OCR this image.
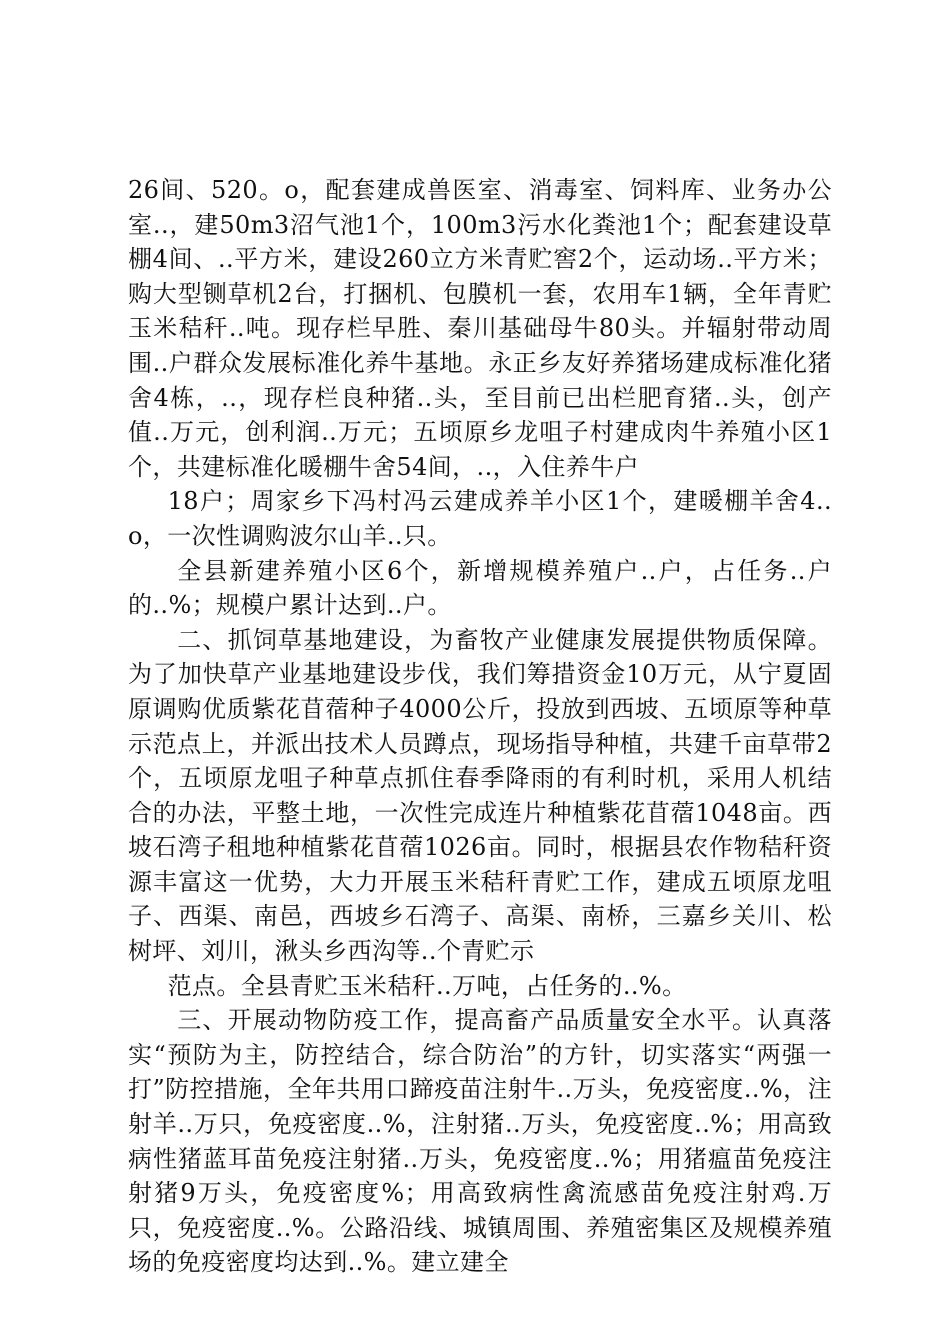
26间、520。o，配套建成兽医室、消毒室、饲料库、业务办公室..，建50m3沼气池1个，100m3污水化粪池1个；配套建设草棚4间、..平方米，建设260立方米青贮窖2个，运动场..平方米；购大型铡草机2台，打捆机、包膜机一套，农用车1辆，全年青贮玉米秸秆..吨。现存栏早胜、秦川基础母牛80头。并辐射带动周围..户群众发展标准化养牛基地。永正乡友好养猪场建成标准化猪舍4栋，..，现存栏良种猪..头，至目前已出栏肥育猪..头，创产值..万元，创利润..万元；五顷原乡龙咀子村建成肉牛养殖小区1个，共建标准化暖棚牛舍54间，..，入住养牛户

18户；周家乡下冯村冯云建成养羊小区1个，建暖棚羊舍4..o，一次性调购波尔山羊..只。

全县新建养殖小区6个，新增规模养殖户..户，占任务..户的..%；规模户累计达到..户。

二、抓饲草基地建设，为畜牧产业健康发展提供物质保障。为了加快草产业基地建设步伐，我们筹措资金10万元，从宁夏固原调购优质紫花苜蓿种子4000公斤，投放到西坡、五顷原等种草示范点上，并派出技术人员蹲点，现场指导种植，共建千亩草带2个，五顷原龙咀子种草点抓住春季降雨的有利时机，采用人机结合的办法，平整土地，一次性完成连片种植紫花苜蓿1048亩。西坡石湾子租地种植紫花苜蓿1026亩。同时，根据县农作物秸秆资源丰富这一优势，大力开展玉米秸秆青贮工作，建成五顷原龙咀子、西渠、南邑，西坡乡石湾子、高渠、南桥，三嘉乡关川、松树坪、刘川，湫头乡西沟等..个青贮示

范点。全县青贮玉米秸秆..万吨，占任务的..%。

三、开展动物防疫工作，提高畜产品质量安全水平。认真落实“预防为主，防控结合，综合防治”的方针，切实落实“两强一打”防控措施，全年共用口蹄疫苗注射牛..万头，免疫密度..%，注射羊..万只，免疫密度..%，注射猪..万头，免疫密度..%；用高致病性猪蓝耳苗免疫注射猪..万头，免疫密度..%；用猪瘟苗免疫注射猪9万头，免疫密度%；用高致病性禽流感苗免疫注射鸡.万只，免疫密度..%。公路沿线、城镇周围、养殖密集区及规模养殖场的免疫密度均达到..%。建立建全
